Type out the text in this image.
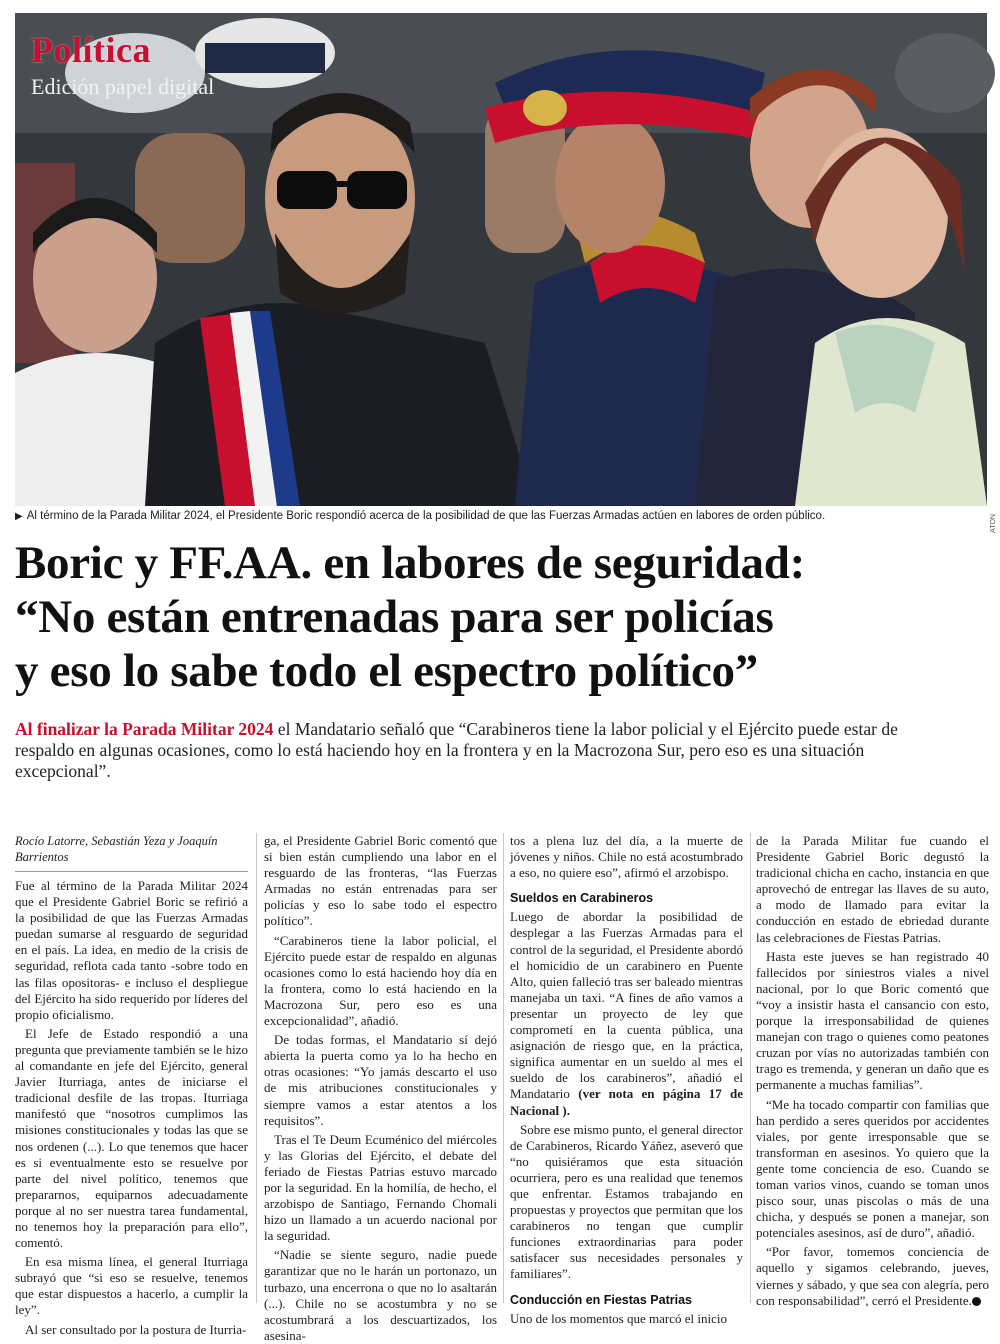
Política
Edición papel digital
ATON
▶ Al término de la Parada Militar 2024, el Presidente Boric respondió acerca de la posibilidad de que las Fuerzas Armadas actúen en labores de orden público.
Boric y FF.AA. en labores de seguridad:
“No están entrenadas para ser policías
y eso lo sabe todo el espectro político”

Al finalizar la Parada Militar 2024 el Mandatario señaló que “Carabineros tiene la labor policial y el Ejército puede estar de respaldo en algunas ocasiones, como lo está haciendo hoy en la frontera y en la Macrozona Sur, pero eso es una situación excepcional”.

Rocío Latorre, Sebastián Yeza y Joaquín Barrientos

Fue al término de la Parada Militar 2024 que el Presidente Gabriel Boric se refirió a la posibilidad de que las Fuerzas Armadas puedan sumarse al resguardo de seguridad en el país. La idea, en medio de la crisis de seguridad, reflota cada tanto -sobre todo en las filas opositoras- e incluso el despliegue del Ejército ha sido requerido por líderes del propio oficialismo.

El Jefe de Estado respondió a una pregunta que previamente también se le hizo al comandante en jefe del Ejército, general Javier Iturriaga, antes de iniciarse el tradicional desfile de las tropas. Iturriaga manifestó que “nosotros cumplimos las misiones constitucionales y todas las que se nos ordenen (...). Lo que tenemos que hacer es si eventualmente esto se resuelve por parte del nivel político, tenemos que prepararnos, equiparnos adecuadamente porque al no ser nuestra tarea fundamental, no tenemos hoy la preparación para ello”, comentó.

En esa misma línea, el general Iturriaga subrayó que “si eso se resuelve, tenemos que estar dispuestos a hacerlo, a cumplir la ley”.

Al ser consultado por la postura de Iturria-

ga, el Presidente Gabriel Boric comentó que si bien están cumpliendo una labor en el resguardo de las fronteras, “las Fuerzas Armadas no están entrenadas para ser policías y eso lo sabe todo el espectro político”.

“Carabineros tiene la labor policial, el Ejército puede estar de respaldo en algunas ocasiones como lo está haciendo hoy día en la frontera, como lo está haciendo en la Macrozona Sur, pero eso es una excepcionalidad”, añadió.

De todas formas, el Mandatario sí dejó abierta la puerta como ya lo ha hecho en otras ocasiones: “Yo jamás descarto el uso de mis atribuciones constitucionales y siempre vamos a estar atentos a los requisitos”.

Tras el Te Deum Ecuménico del miércoles y las Glorias del Ejército, el debate del feriado de Fiestas Patrias estuvo marcado por la seguridad. En la homilía, de hecho, el arzobispo de Santiago, Fernando Chomali hizo un llamado a un acuerdo nacional por la seguridad.

“Nadie se siente seguro, nadie puede garantizar que no le harán un portonazo, un turbazo, una encerrona o que no lo asaltarán (...). Chile no se acostumbra y no se acostumbrará a los descuartizados, los asesina-

tos a plena luz del día, a la muerte de jóvenes y niños. Chile no está acostumbrado a eso, no quiere eso”, afirmó el arzobispo.

Sueldos en Carabineros

Luego de abordar la posibilidad de desplegar a las Fuerzas Armadas para el control de la seguridad, el Presidente abordó el homicidio de un carabinero en Puente Alto, quien falleció tras ser baleado mientras manejaba un taxi. “A fines de año vamos a presentar un proyecto de ley que comprometí en la cuenta pública, una asignación de riesgo que, en la práctica, significa aumentar en un sueldo al mes el sueldo de los carabineros”, añadió el Mandatario (ver nota en página 17 de Nacional ).

Sobre ese mismo punto, el general director de Carabineros, Ricardo Yáñez, aseveró que “no quisiéramos que esta situación ocurriera, pero es una realidad que tenemos que enfrentar. Estamos trabajando en propuestas y proyectos que permitan que los carabineros no tengan que cumplir funciones extraordinarias para poder satisfacer sus necesidades personales y familiares”.

Conducción en Fiestas Patrias

Uno de los momentos que marcó el inicio

de la Parada Militar fue cuando el Presidente Gabriel Boric degustó la tradicional chicha en cacho, instancia en que aprovechó de entregar las llaves de su auto, a modo de llamado para evitar la conducción en estado de ebriedad durante las celebraciones de Fiestas Patrias.

Hasta este jueves se han registrado 40 fallecidos por siniestros viales a nivel nacional, por lo que Boric comentó que “voy a insistir hasta el cansancio con esto, porque la irresponsabilidad de quienes manejan con trago o quienes como peatones cruzan por vías no autorizadas también con trago es tremenda, y generan un daño que es permanente a muchas familias”.

“Me ha tocado compartir con familias que han perdido a seres queridos por accidentes viales, por gente irresponsable que se transforman en asesinos. Yo quiero que la gente tome conciencia de eso. Cuando se toman varios vinos, cuando se toman unos pisco sour, unas piscolas o más de una chicha, y después se ponen a manejar, son potenciales asesinos, así de duro”, añadió.

“Por favor, tomemos conciencia de aquello y sigamos celebrando, jueves, viernes y sábado, y que sea con alegría, pero con responsabilidad”, cerró el Presidente.
